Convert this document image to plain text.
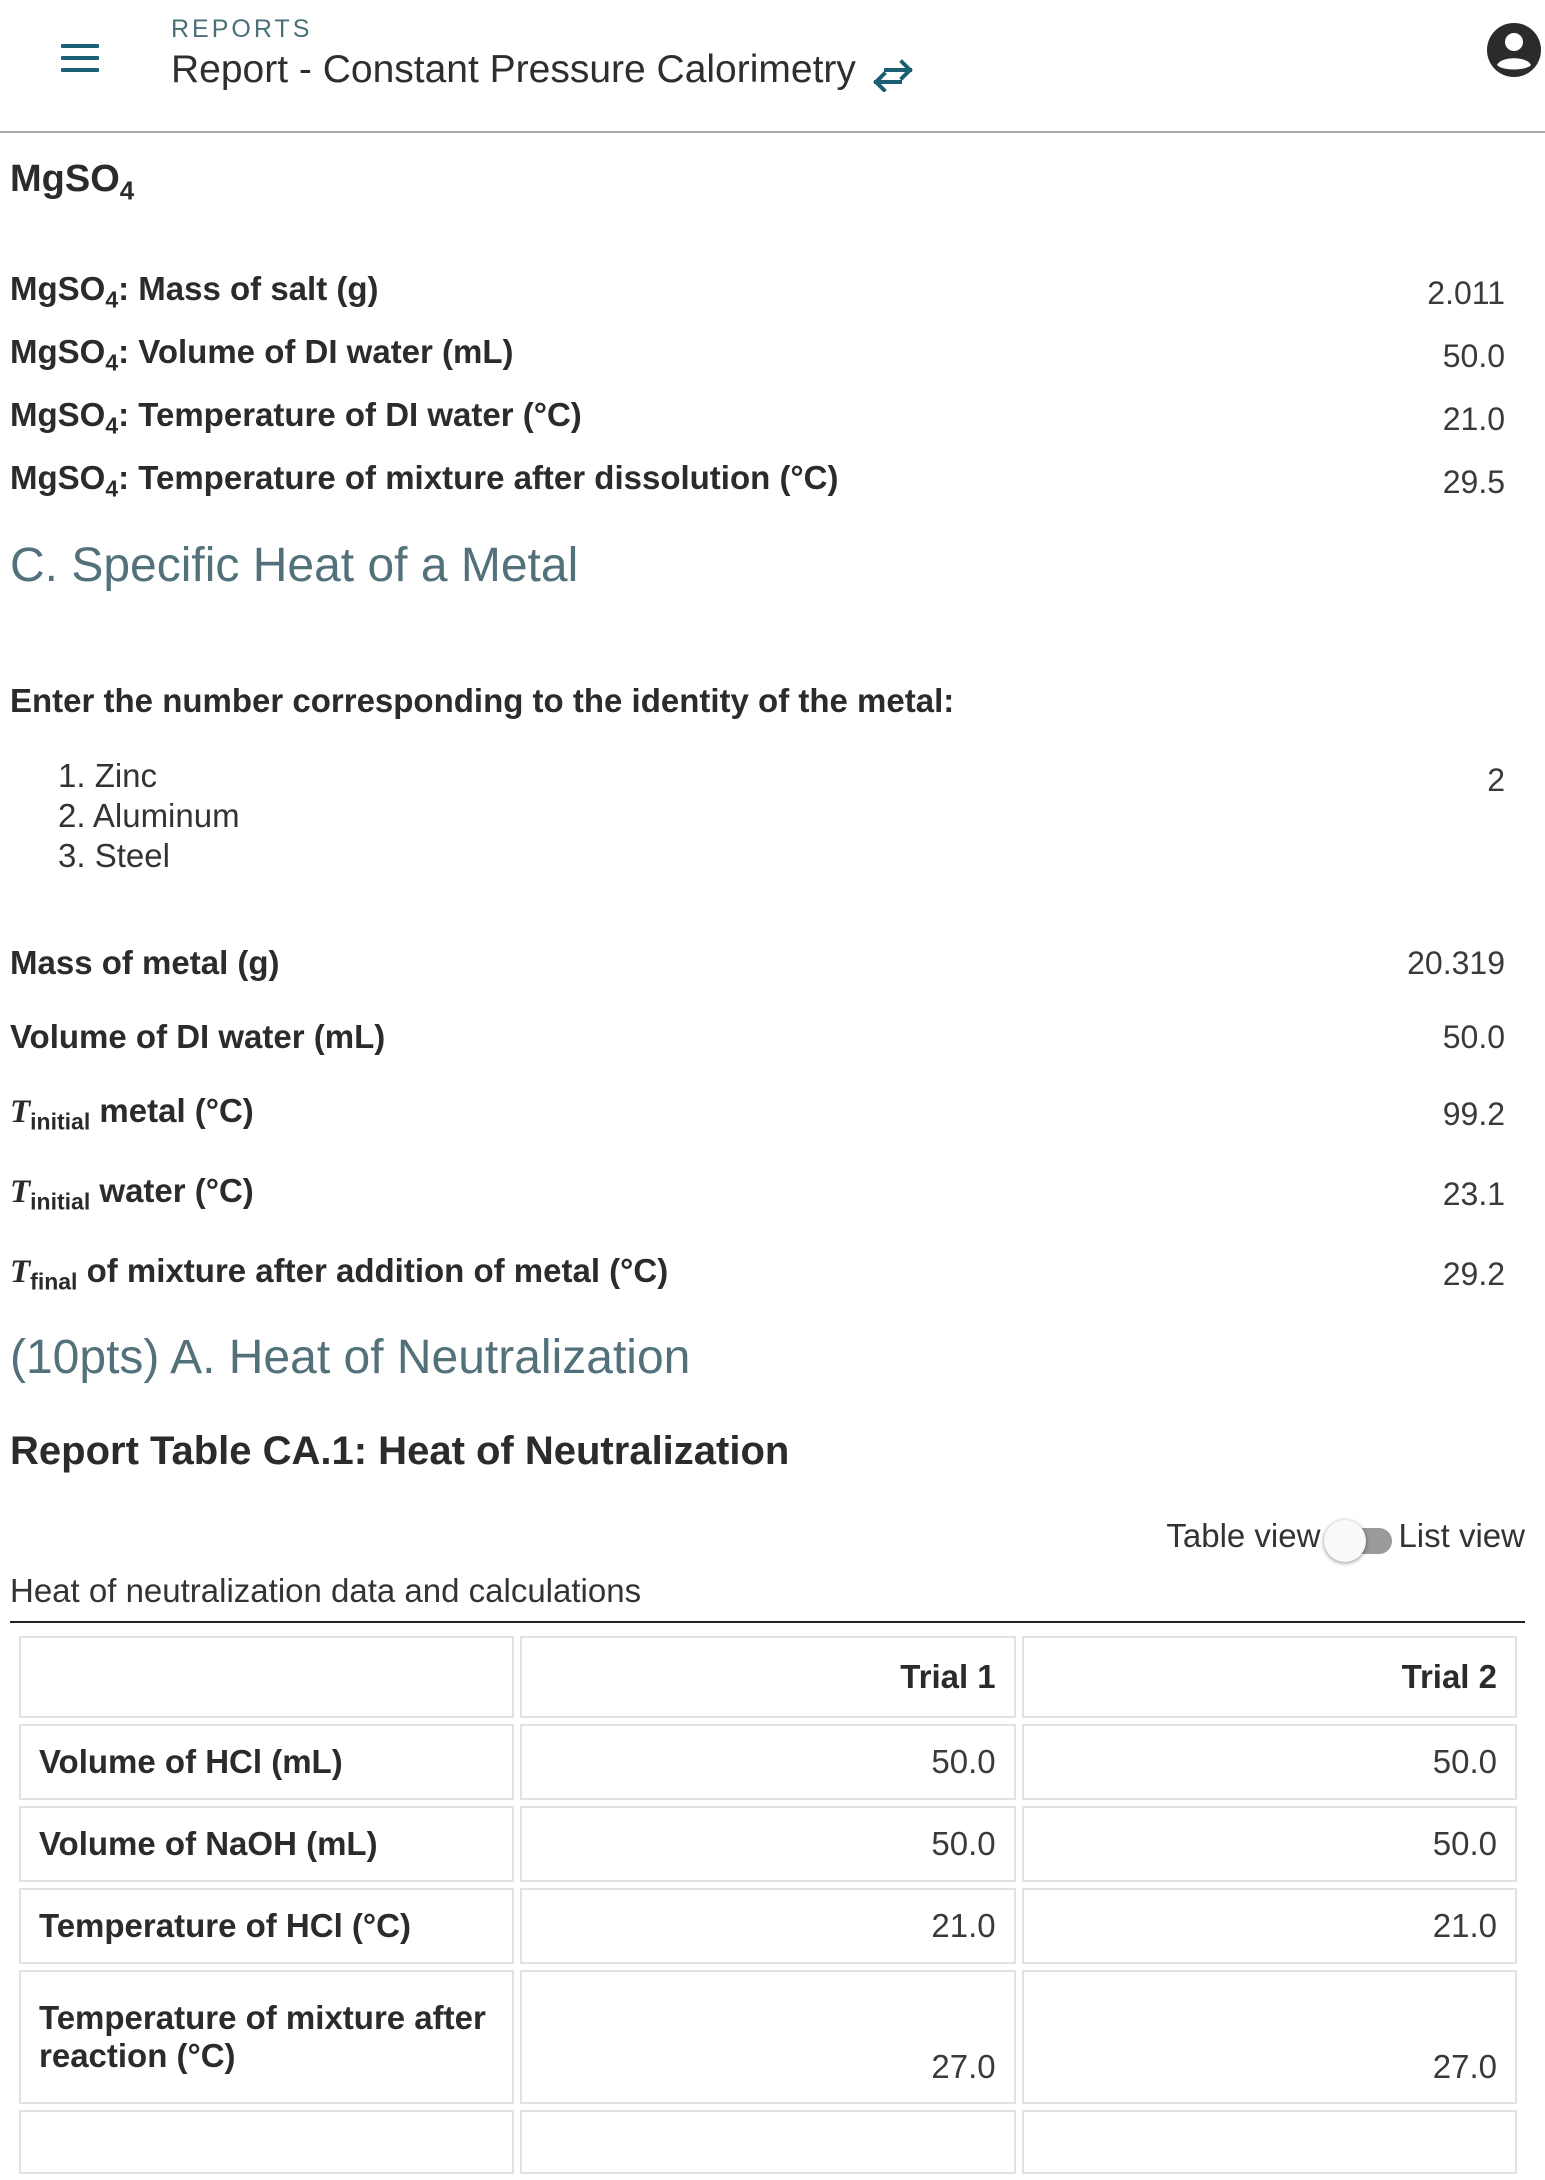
REPORTS
Report - Constant Pressure Calorimetry
MgSO$_4$
MgSO$_4$: Mass of salt (g)	2.011
MgSO$_4$: Volume of DI water (mL)	50.0
MgSO$_4$: Temperature of DI water (°C)	21.0
MgSO$_4$: Temperature of mixture after dissolution (°C)	29.5
C. Specific Heat of a Metal
Enter the number corresponding to the identity of the metal:
1. Zinc
2. Aluminum
3. Steel
2
Mass of metal (g)	20.319
Volume of DI water (mL)	50.0
$T_{initial}$ metal (°C)	99.2
$T_{initial}$ water (°C)	23.1
$T_{final}$ of mixture after addition of metal (°C)	29.2
(10pts) A. Heat of Neutralization
Report Table CA.1: Heat of Neutralization
Table view List view
Heat of neutralization data and calculations
	Trial 1	Trial 2
Volume of HCl (mL)	50.0	50.0
Volume of NaOH (mL)	50.0	50.0
Temperature of HCl (°C)	21.0	21.0
Temperature of mixture after reaction (°C)	27.0	27.0
